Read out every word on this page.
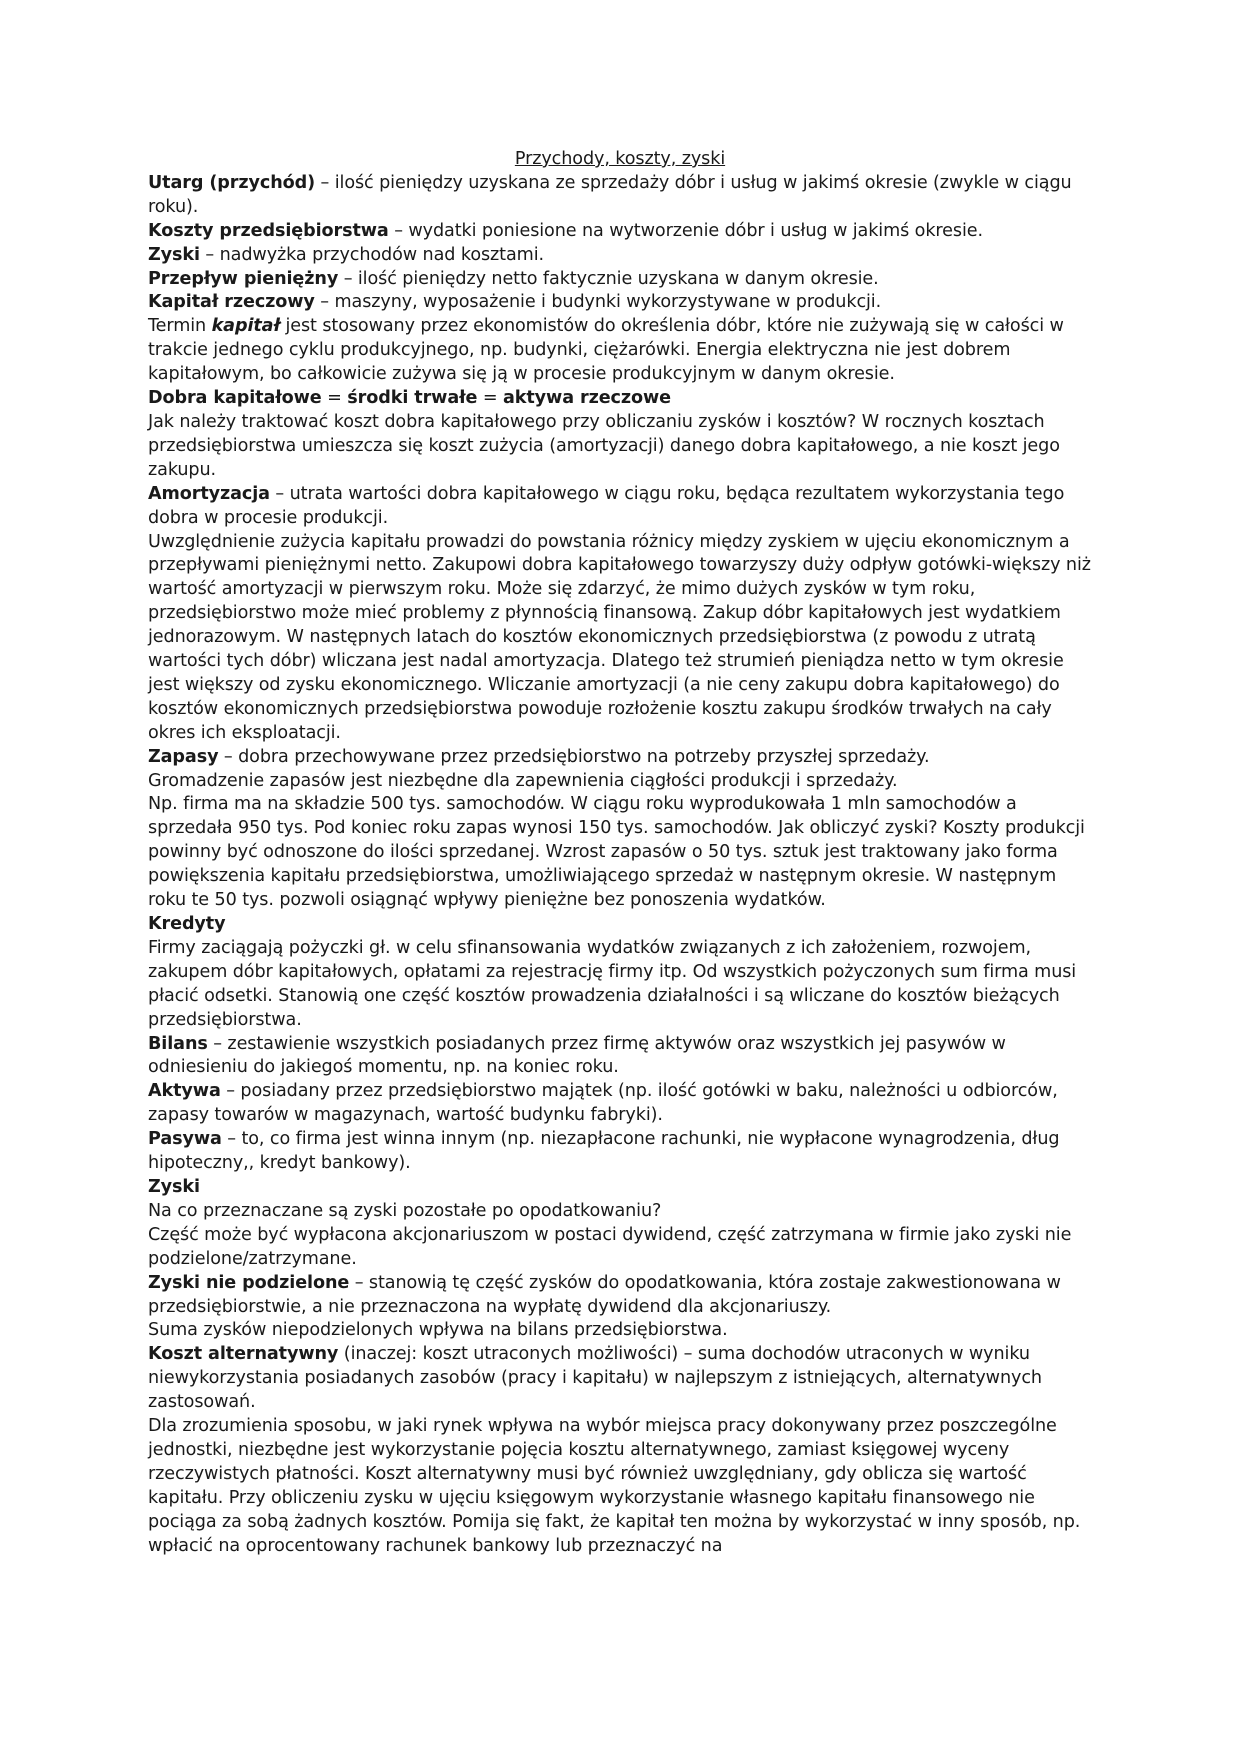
Przychody, koszty, zyski

Utarg (przychód) – ilość pieniędzy uzyskana ze sprzedaży dóbr i usług w jakimś okresie (zwykle w ciągu roku).

Koszty przedsiębiorstwa – wydatki poniesione na wytworzenie dóbr i usług w jakimś okresie.

Zyski – nadwyżka przychodów nad kosztami.

Przepływ pieniężny – ilość pieniędzy netto faktycznie uzyskana w danym okresie.

Kapitał rzeczowy – maszyny, wyposażenie i budynki wykorzystywane w produkcji.

Termin kapitał jest stosowany przez ekonomistów do określenia dóbr, które nie zużywają się w całości w trakcie jednego cyklu produkcyjnego, np. budynki, ciężarówki. Energia elektryczna nie jest dobrem kapitałowym, bo całkowicie zużywa się ją w procesie produkcyjnym w danym okresie.

Dobra kapitałowe = środki trwałe = aktywa rzeczowe

Jak należy traktować koszt dobra kapitałowego przy obliczaniu zysków i kosztów? W rocznych kosztach przedsiębiorstwa umieszcza się koszt zużycia (amortyzacji) danego dobra kapitałowego, a nie koszt jego zakupu.

Amortyzacja – utrata wartości dobra kapitałowego w ciągu roku, będąca rezultatem wykorzystania tego dobra w procesie produkcji.

Uwzględnienie zużycia kapitału prowadzi do powstania różnicy między zyskiem w ujęciu ekonomicznym a przepływami pieniężnymi netto. Zakupowi dobra kapitałowego towarzyszy duży odpływ gotówki-większy niż wartość amortyzacji w pierwszym roku. Może się zdarzyć, że mimo dużych zysków w tym roku, przedsiębiorstwo może mieć problemy z płynnością finansową. Zakup dóbr kapitałowych jest wydatkiem jednorazowym. W następnych latach do kosztów ekonomicznych przedsiębiorstwa (z powodu z utratą wartości tych dóbr) wliczana jest nadal amortyzacja. Dlatego też strumień pieniądza netto w tym okresie jest większy od zysku ekonomicznego. Wliczanie amortyzacji (a nie ceny zakupu dobra kapitałowego) do kosztów ekonomicznych przedsiębiorstwa powoduje rozłożenie kosztu zakupu środków trwałych na cały okres ich eksploatacji.

Zapasy – dobra przechowywane przez przedsiębiorstwo na potrzeby przyszłej sprzedaży.

Gromadzenie zapasów jest niezbędne dla zapewnienia ciągłości produkcji i sprzedaży.

Np. firma ma na składzie 500 tys. samochodów. W ciągu roku wyprodukowała 1 mln samochodów a sprzedała 950 tys. Pod koniec roku zapas wynosi 150 tys. samochodów. Jak obliczyć zyski? Koszty produkcji powinny być odnoszone do ilości sprzedanej. Wzrost zapasów o 50 tys. sztuk jest traktowany jako forma powiększenia kapitału przedsiębiorstwa, umożliwiającego sprzedaż w następnym okresie. W następnym roku te 50 tys. pozwoli osiągnąć wpływy pieniężne bez ponoszenia wydatków.

Kredyty

Firmy zaciągają pożyczki gł. w celu sfinansowania wydatków związanych z ich założeniem, rozwojem, zakupem dóbr kapitałowych, opłatami za rejestrację firmy itp. Od wszystkich pożyczonych sum firma musi płacić odsetki. Stanowią one część kosztów prowadzenia działalności i są wliczane do kosztów bieżących przedsiębiorstwa.

Bilans – zestawienie wszystkich posiadanych przez firmę aktywów oraz wszystkich jej pasywów w odniesieniu do jakiegoś momentu, np. na koniec roku.

Aktywa – posiadany przez przedsiębiorstwo majątek (np. ilość gotówki w baku, należności u odbiorców, zapasy towarów w magazynach, wartość budynku fabryki).

Pasywa – to, co firma jest winna innym (np. niezapłacone rachunki, nie wypłacone wynagrodzenia, dług hipoteczny,, kredyt bankowy).

Zyski

Na co przeznaczane są zyski pozostałe po opodatkowaniu?

Część może być wypłacona akcjonariuszom w postaci dywidend, część zatrzymana w firmie jako zyski nie podzielone/zatrzymane.

Zyski nie podzielone – stanowią tę część zysków do opodatkowania, która zostaje zakwestionowana w przedsiębiorstwie, a nie przeznaczona na wypłatę dywidend dla akcjonariuszy.

Suma zysków niepodzielonych wpływa na bilans przedsiębiorstwa.

Koszt alternatywny (inaczej: koszt utraconych możliwości) – suma dochodów utraconych w wyniku niewykorzystania posiadanych zasobów (pracy i kapitału) w najlepszym z istniejących, alternatywnych zastosowań.

Dla zrozumienia sposobu, w jaki rynek wpływa na wybór miejsca pracy dokonywany przez poszczególne jednostki, niezbędne jest wykorzystanie pojęcia kosztu alternatywnego, zamiast księgowej wyceny rzeczywistych płatności. Koszt alternatywny musi być również uwzględniany, gdy oblicza się wartość kapitału. Przy obliczeniu zysku w ujęciu księgowym wykorzystanie własnego kapitału finansowego nie pociąga za sobą żadnych kosztów. Pomija się fakt, że kapitał ten można by wykorzystać w inny sposób, np. wpłacić na oprocentowany rachunek bankowy lub przeznaczyć na
